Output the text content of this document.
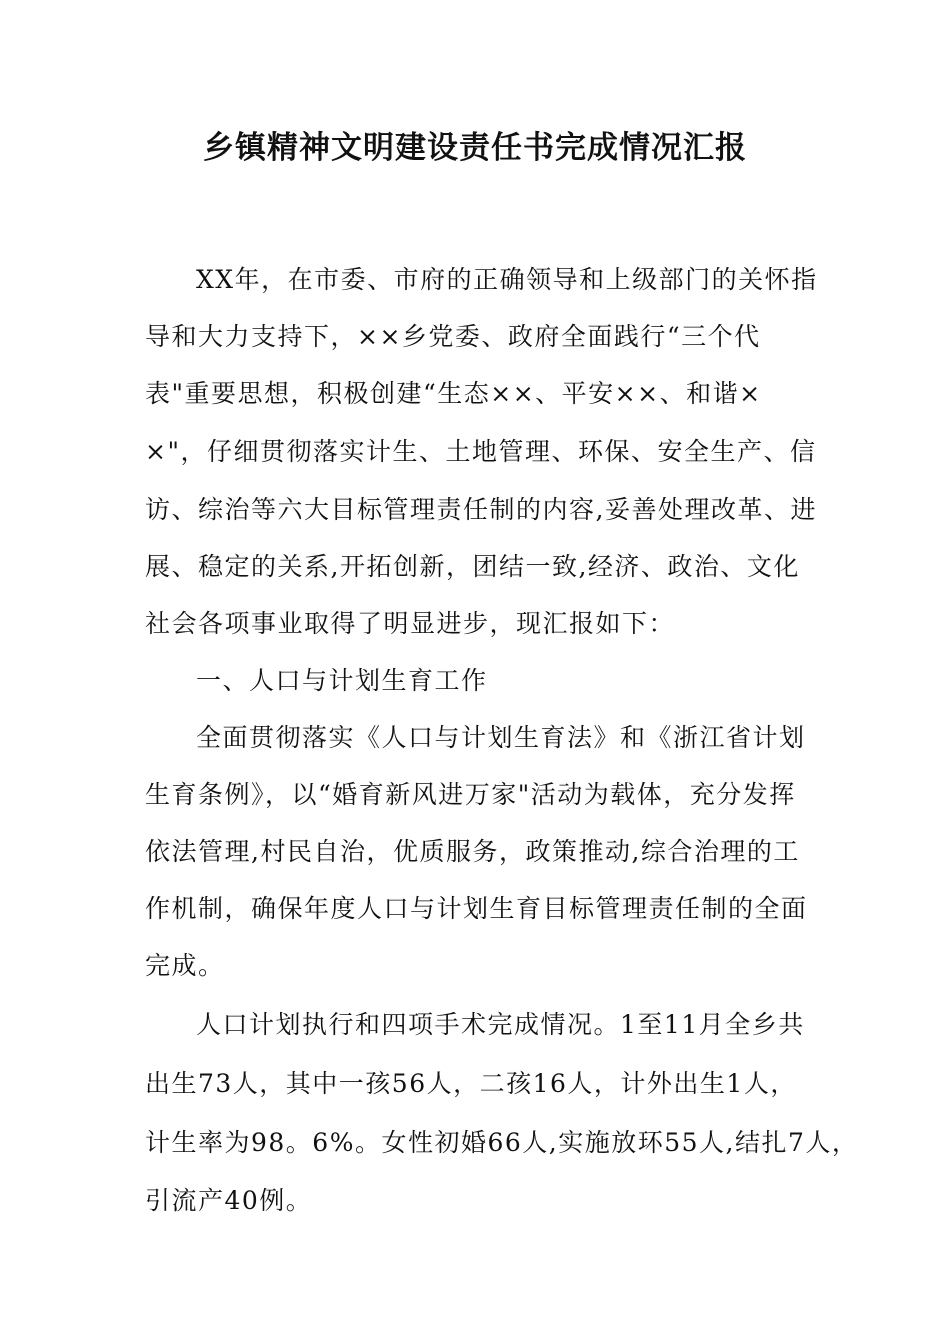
乡镇精神文明建设责任书完成情况汇报
XX年，在市委、市府的正确领导和上级部门的关怀指
导和大力支持下，××乡党委、政府全面践行“三个代
表"重要思想，积极创建“生态××、平安××、和谐×
×"，仔细贯彻落实计生、土地管理、环保、安全生产、信
访、综治等六大目标管理责任制的内容,妥善处理改革、进
展、稳定的关系,开拓创新，团结一致,经济、政治、文化
社会各项事业取得了明显进步，现汇报如下：
一、人口与计划生育工作
全面贯彻落实《人口与计划生育法》和《浙江省计划
生育条例》，以“婚育新风进万家"活动为载体，充分发挥
依法管理,村民自治，优质服务，政策推动,综合治理的工
作机制，确保年度人口与计划生育目标管理责任制的全面
完成。
人口计划执行和四项手术完成情况。1至11月全乡共
出生73人，其中一孩56人，二孩16人，计外出生1人，
计生率为98。6%。女性初婚66人,实施放环55人,结扎7人，
引流产40例。
